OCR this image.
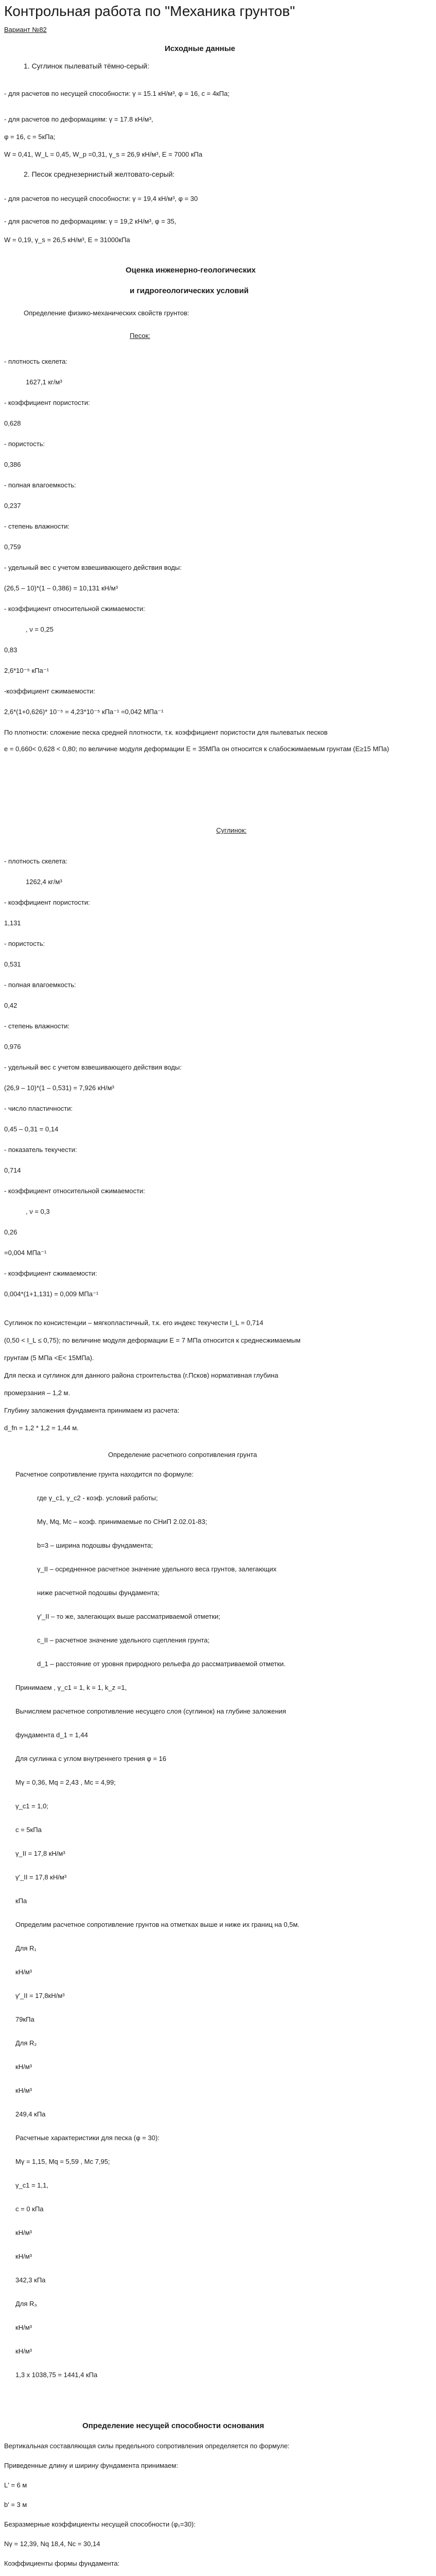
Контрольная работа по "Механика грунтов"
Вариант №82
Исходные данные
1. Суглинок пылеватый тёмно-серый:
- для расчетов по несущей способности: γ = 15.1 кН/м³, φ = 16, c = 4кПа;
- для расчетов по деформациям: γ = 17.8 кН/м³,
φ = 16, c = 5кПа;
W = 0,41, W_L = 0,45, W_p =0,31, γ_s = 26,9 кН/м³, E = 7000 кПа
2. Песок среднезернистый желтовато-серый:
- для расчетов по несущей способности: γ = 19,4 кН/м³, φ = 30
- для расчетов по деформациям: γ = 19,2 кН/м³, φ = 35,
W = 0,19, γ_s = 26,5 кН/м³, E = 31000кПа
Оценка инженерно-геологических
и гидрогеологических условий
Определение физико-механических свойств грунтов:
Песок:
- плотность скелета:
1627,1 кг/м³
- коэффициент пористости:
0,628
- пористость:
0,386
- полная влагоемкость:
0,237
- степень влажности:
0,759
- удельный вес с учетом взвешивающего действия воды:
(26,5 – 10)*(1 – 0,386) = 10,131 кН/м³
- коэффициент относительной сжимаемости:
, ν = 0,25
0,83
2,6*10⁻⁵ кПа⁻¹
-коэффициент сжимаемости:
2,6*(1+0,626)* 10⁻⁵ = 4,23*10⁻⁵ кПа⁻¹ =0,042 МПа⁻¹
По плотности: сложение песка средней плотности, т.к. коэффициент пористости для пылеватых песков
е = 0,660< 0,628 < 0,80; по величине модуля деформации Е = 35МПа он относится к слабосжимаемым грунтам (Е≥15 МПа)
Суглинок:
- плотность скелета:
1262,4 кг/м³
- коэффициент пористости:
1,131
- пористость:
0,531
- полная влагоемкость:
0,42
- степень влажности:
0,976
- удельный вес с учетом взвешивающего действия воды:
(26,9 – 10)*(1 – 0,531) = 7,926 кН/м³
- число пластичности:
0,45 – 0,31 = 0,14
- показатель текучести:
0,714
- коэффициент относительной сжимаемости:
, ν = 0,3
0,26
=0,004 МПа⁻¹
- коэффициент сжимаемости:
0,004*(1+1,131) = 0,009 МПа⁻¹
Суглинок по консистенции – мягкопластичный, т.к. его индекс текучести I_L = 0,714
(0,50 < I_L ≤ 0,75); по величине модуля деформации Е = 7 МПа относится к среднесжимаемым
грунтам (5 МПа <Е< 15МПа).
Для песка и суглинок для данного района строительства (г.Псков) нормативная глубина
промерзания – 1,2 м.
Глубину заложения фундамента принимаем из расчета:
d_fn = 1,2 * 1,2 = 1,44 м.
Определение расчетного сопротивления грунта
Расчетное сопротивление грунта находится по формуле:
где γ_c1, γ_c2 - коэф. условий работы;
Mγ, Mq, Mc – коэф. принимаемые по СНиП 2.02.01-83;
b=3 – ширина подошвы фундамента;
γ_II – осредненное расчетное значение удельного веса грунтов, залегающих
ниже расчетной подошвы фундамента;
γ'_II – то же, залегающих выше рассматриваемой отметки;
c_II – расчетное значение удельного сцепления грунта;
d_1 – расстояние от уровня природного рельефа до рассматриваемой отметки.
Принимаем , γ_c1 = 1, k = 1, k_z =1,
Вычисляем расчетное сопротивление несущего слоя (суглинок) на глубине заложения
фундамента d_1 = 1,44
Для суглинка с углом внутреннего трения φ = 16
Mγ = 0,36, Mq = 2,43 , Mc = 4,99;
γ_c1 = 1,0;
c = 5кПа
γ_II = 17,8 кН/м³
γ'_II = 17,8 кН/м³
кПа
Определим расчетное сопротивление грунтов на отметках выше и ниже их границ на 0,5м.
Для R₁
кН/м³
γ'_II = 17,8кН/м³
79кПа
Для R₂
кН/м³
кН/м³
249,4 кПа
Расчетные характеристики для песка (φ = 30):
Mγ = 1,15, Mq = 5,59 , Mc 7,95;
γ_c1 = 1,1,
c = 0 кПа
кН/м³
кН/м³
342,3 кПа
Для R₃
кН/м³
кН/м³
1,3 х 1038,75 = 1441,4 кПа
Определение несущей способности основания
Вертикальная составляющая силы предельного сопротивления определяется по формуле:
Приведенные длину и ширину фундамента принимаем:
L' = 6 м
b' = 3 м
Безразмерные коэффициенты несущей способности (φ₁=30):
Nγ = 12,39, Nq 18,4, Nc = 30,14
Коэффициенты формы фундамента:
